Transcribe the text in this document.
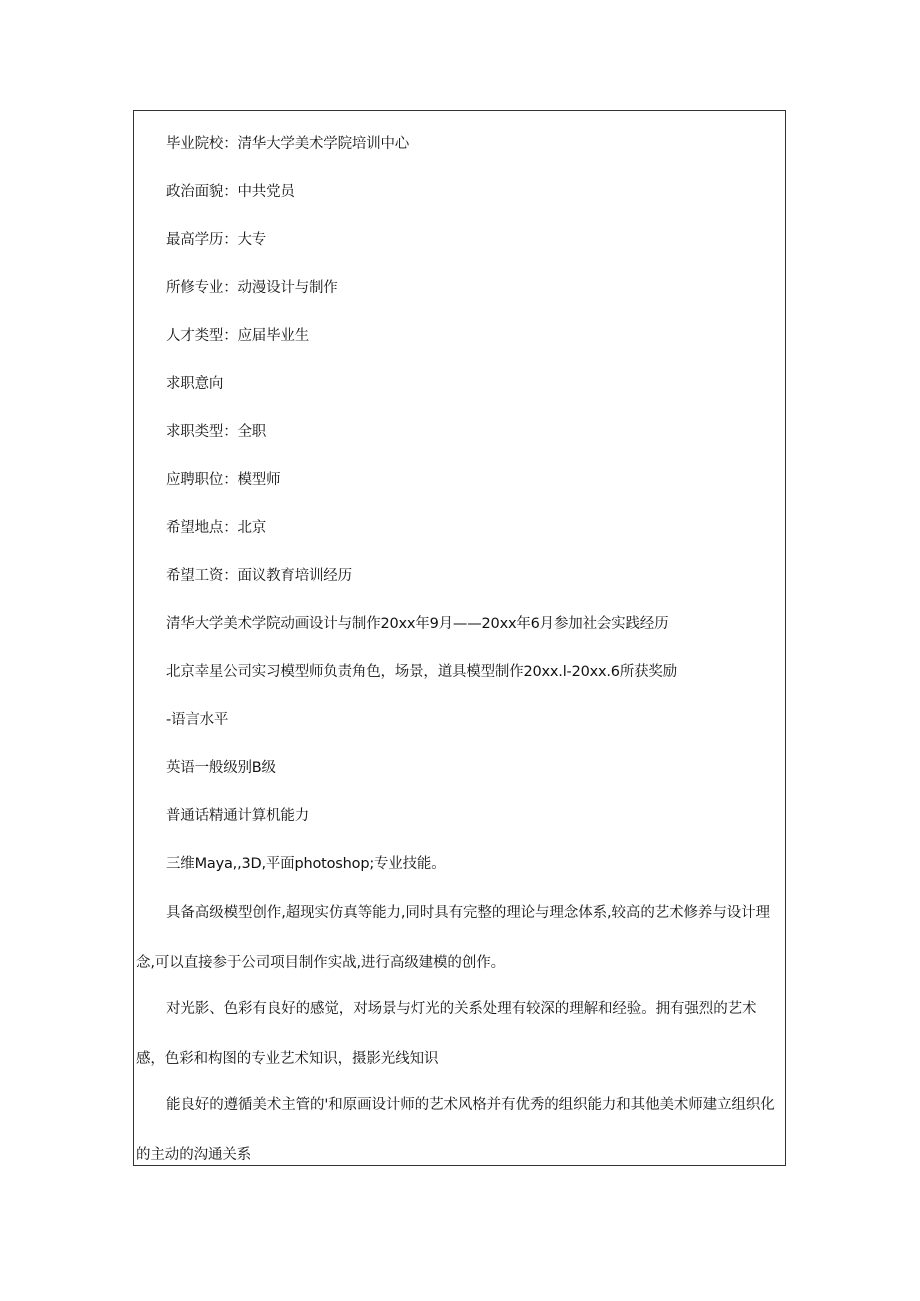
毕业院校：清华大学美术学院培训中心
政治面貌：中共党员
最高学历：大专
所修专业：动漫设计与制作
人才类型：应届毕业生
求职意向
求职类型：全职
应聘职位：模型师
希望地点：北京
希望工资：面议教育培训经历
清华大学美术学院动画设计与制作20xx年9月——20xx年6月参加社会实践经历
北京幸星公司实习模型师负责角色，场景，道具模型制作20xx.l-20xx.6所获奖励
-语言水平
英语一般级别B级
普通话精通计算机能力
三维Maya,,3D,平面photoshop;专业技能。
具备高级模型创作,超现实仿真等能力,同时具有完整的理论与理念体系,较高的艺术修养与设计理念,可以直接参于公司项目制作实战,进行高级建模的创作。
对光影、色彩有良好的感觉，对场景与灯光的关系处理有较深的理解和经验。拥有强烈的艺术感，色彩和构图的专业艺术知识，摄影光线知识
能良好的遵循美术主管的'和原画设计师的艺术风格并有优秀的组织能力和其他美术师建立组织化的主动的沟通关系
